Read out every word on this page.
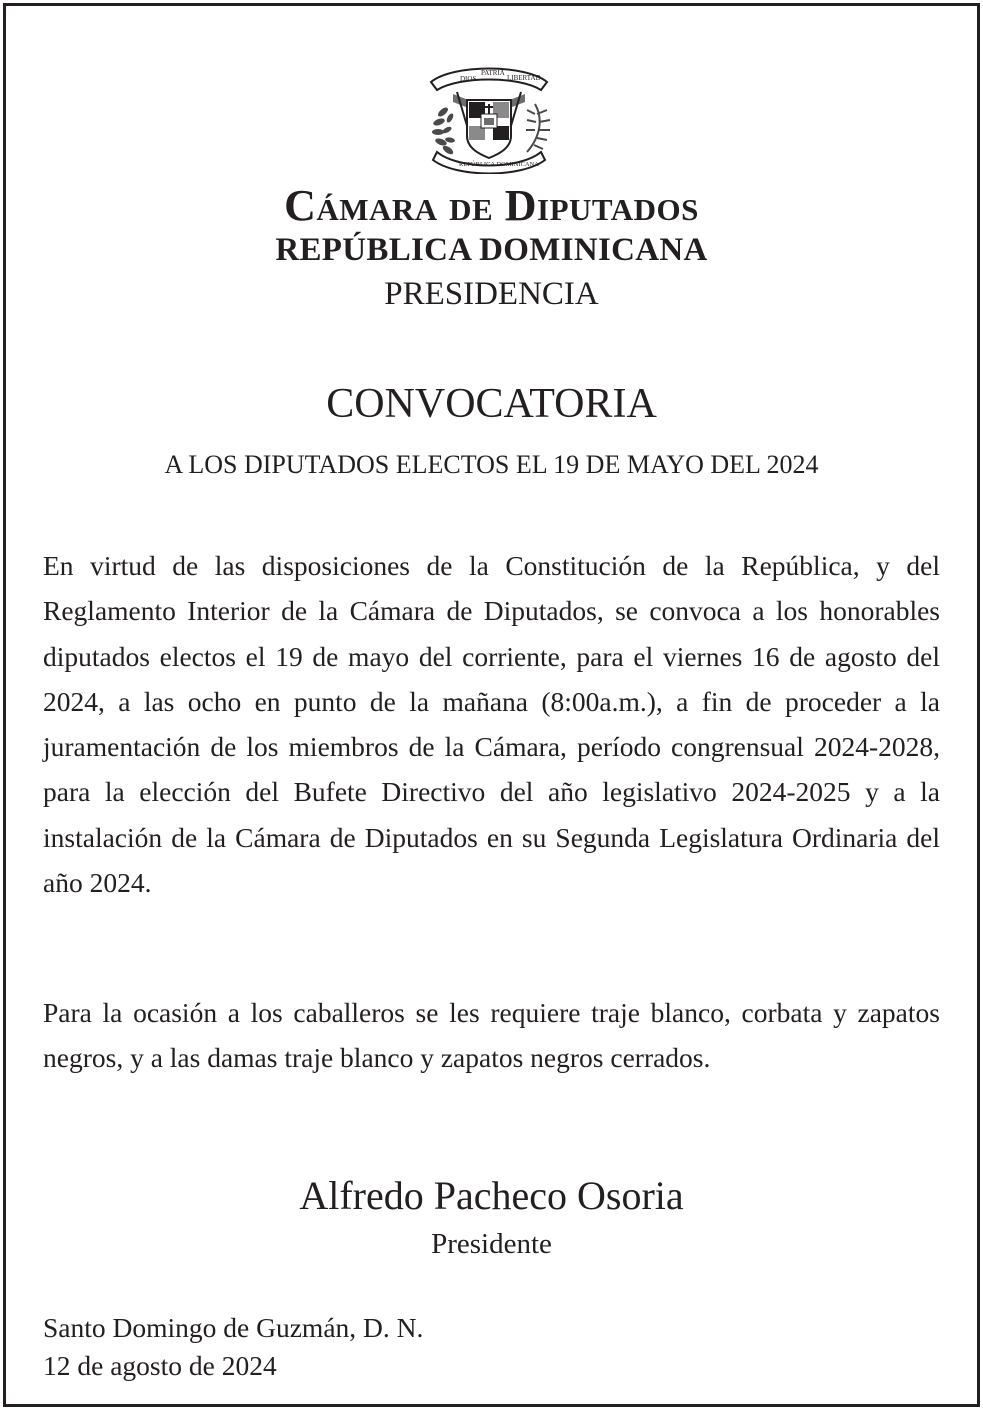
DIOS
PATRIA
LIBERTAD
REPÚBLICA DOMINICANA
Cámara de Diputados
REPÚBLICA DOMINICANA
PRESIDENCIA
CONVOCATORIA
A LOS DIPUTADOS ELECTOS EL 19 DE MAYO DEL 2024

En virtud de las disposiciones de la Constitución de la República, y del Reglamento Interior de la Cámara de Diputados, se convoca a los honorables diputados electos el 19 de mayo del corriente, para el viernes 16 de agosto del 2024, a las ocho en punto de la mañana (8:00a.m.), a fin de proceder a la juramentación de los miembros de la Cámara, período congrensual 2024-2028, para la elección del Bufete Directivo del año legislativo 2024-2025 y a la instalación de la Cámara de Diputados en su Segunda Legislatura Ordinaria del año 2024.

Para la ocasión a los caballeros se les requiere traje blanco, corbata y zapatos negros, y a las damas traje blanco y zapatos negros cerrados.

Alfredo Pacheco Osoria
Presidente
Santo Domingo de Guzmán, D. N.
12 de agosto de 2024
